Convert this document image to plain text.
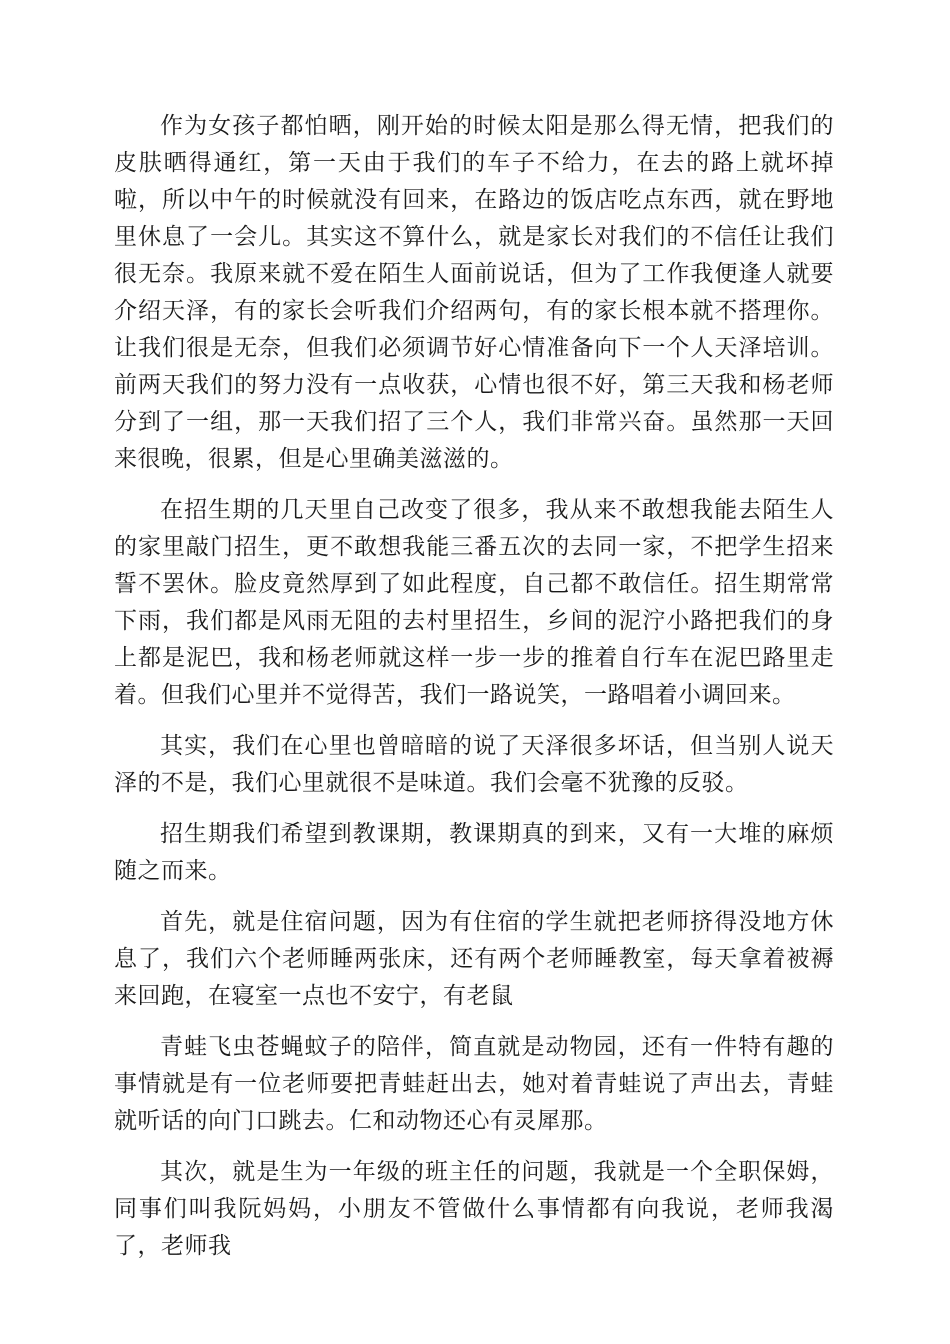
作为女孩子都怕晒，刚开始的时候太阳是那么得无情，把我们的皮肤晒得通红，第一天由于我们的车子不给力，在去的路上就坏掉啦，所以中午的时候就没有回来，在路边的饭店吃点东西，就在野地里休息了一会儿。其实这不算什么，就是家长对我们的不信任让我们很无奈。我原来就不爱在陌生人面前说话，但为了工作我便逢人就要介绍天泽，有的家长会听我们介绍两句，有的家长根本就不搭理你。让我们很是无奈，但我们必须调节好心情准备向下一个人天泽培训。前两天我们的努力没有一点收获，心情也很不好，第三天我和杨老师分到了一组，那一天我们招了三个人，我们非常兴奋。虽然那一天回来很晚，很累，但是心里确美滋滋的。

在招生期的几天里自己改变了很多，我从来不敢想我能去陌生人的家里敲门招生，更不敢想我能三番五次的去同一家，不把学生招来誓不罢休。脸皮竟然厚到了如此程度，自己都不敢信任。招生期常常下雨，我们都是风雨无阻的去村里招生，乡间的泥泞小路把我们的身上都是泥巴，我和杨老师就这样一步一步的推着自行车在泥巴路里走着。但我们心里并不觉得苦，我们一路说笑，一路唱着小调回来。

其实，我们在心里也曾暗暗的说了天泽很多坏话，但当别人说天泽的不是，我们心里就很不是味道。我们会毫不犹豫的反驳。

招生期我们希望到教课期，教课期真的到来，又有一大堆的麻烦随之而来。

首先，就是住宿问题，因为有住宿的学生就把老师挤得没地方休息了，我们六个老师睡两张床，还有两个老师睡教室，每天拿着被褥来回跑，在寝室一点也不安宁，有老鼠

青蛙飞虫苍蝇蚊子的陪伴，简直就是动物园，还有一件特有趣的事情就是有一位老师要把青蛙赶出去，她对着青蛙说了声出去，青蛙就听话的向门口跳去。仁和动物还心有灵犀那。

其次，就是生为一年级的班主任的问题，我就是一个全职保姆，同事们叫我阮妈妈，小朋友不管做什么事情都有向我说，老师我渴了，老师我
